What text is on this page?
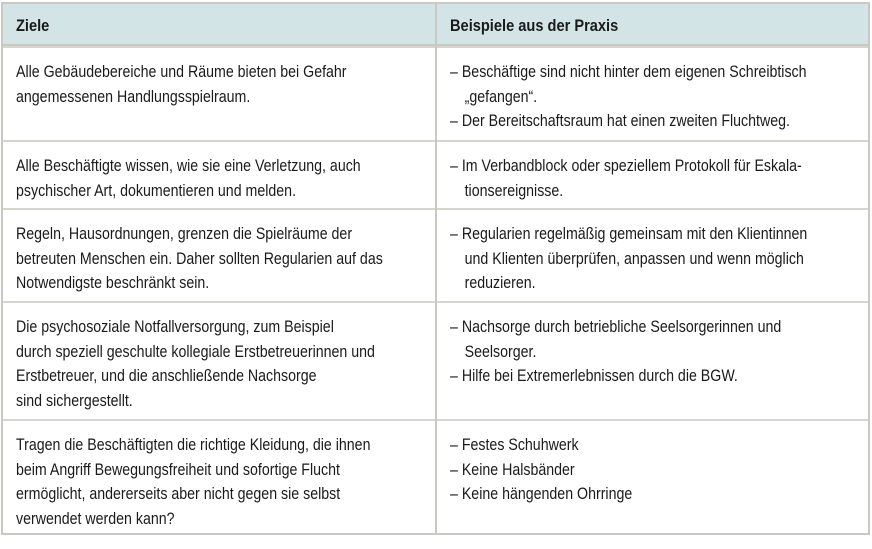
Ziele	Beispiele aus der Praxis
Alle Gebäudebereiche und Räume bieten bei Gefahr
angemessenen Handlungsspielraum.
– Beschäftige sind nicht hinter dem eigenen Schreibtisch
„gefangen“.
– Der Bereitschaftsraum hat einen zweiten Fluchtweg.
Alle Beschäftigte wissen, wie sie eine Verletzung, auch
psychischer Art, dokumentieren und melden.
– Im Verbandblock oder speziellem Protokoll für Eskala-
tionsereignisse.
Regeln, Hausordnungen, grenzen die Spielräume der
betreuten Menschen ein. Daher sollten Regularien auf das
Notwendigste beschränkt sein.
– Regularien regelmäßig gemeinsam mit den Klientinnen
und Klienten überprüfen, anpassen und wenn möglich
reduzieren.
Die psychosoziale Notfallversorgung, zum Beispiel
durch speziell geschulte kollegiale Erstbetreuerinnen und
Erstbetreuer, und die anschließende Nachsorge
sind sichergestellt.
– Nachsorge durch betriebliche Seelsorgerinnen und
Seelsorger.
– Hilfe bei Extremerlebnissen durch die BGW.
Tragen die Beschäftigten die richtige Kleidung, die ihnen
beim Angriff Bewegungsfreiheit und sofortige Flucht
ermöglicht, andererseits aber nicht gegen sie selbst
verwendet werden kann?
– Festes Schuhwerk
– Keine Halsbänder
– Keine hängenden Ohrringe
